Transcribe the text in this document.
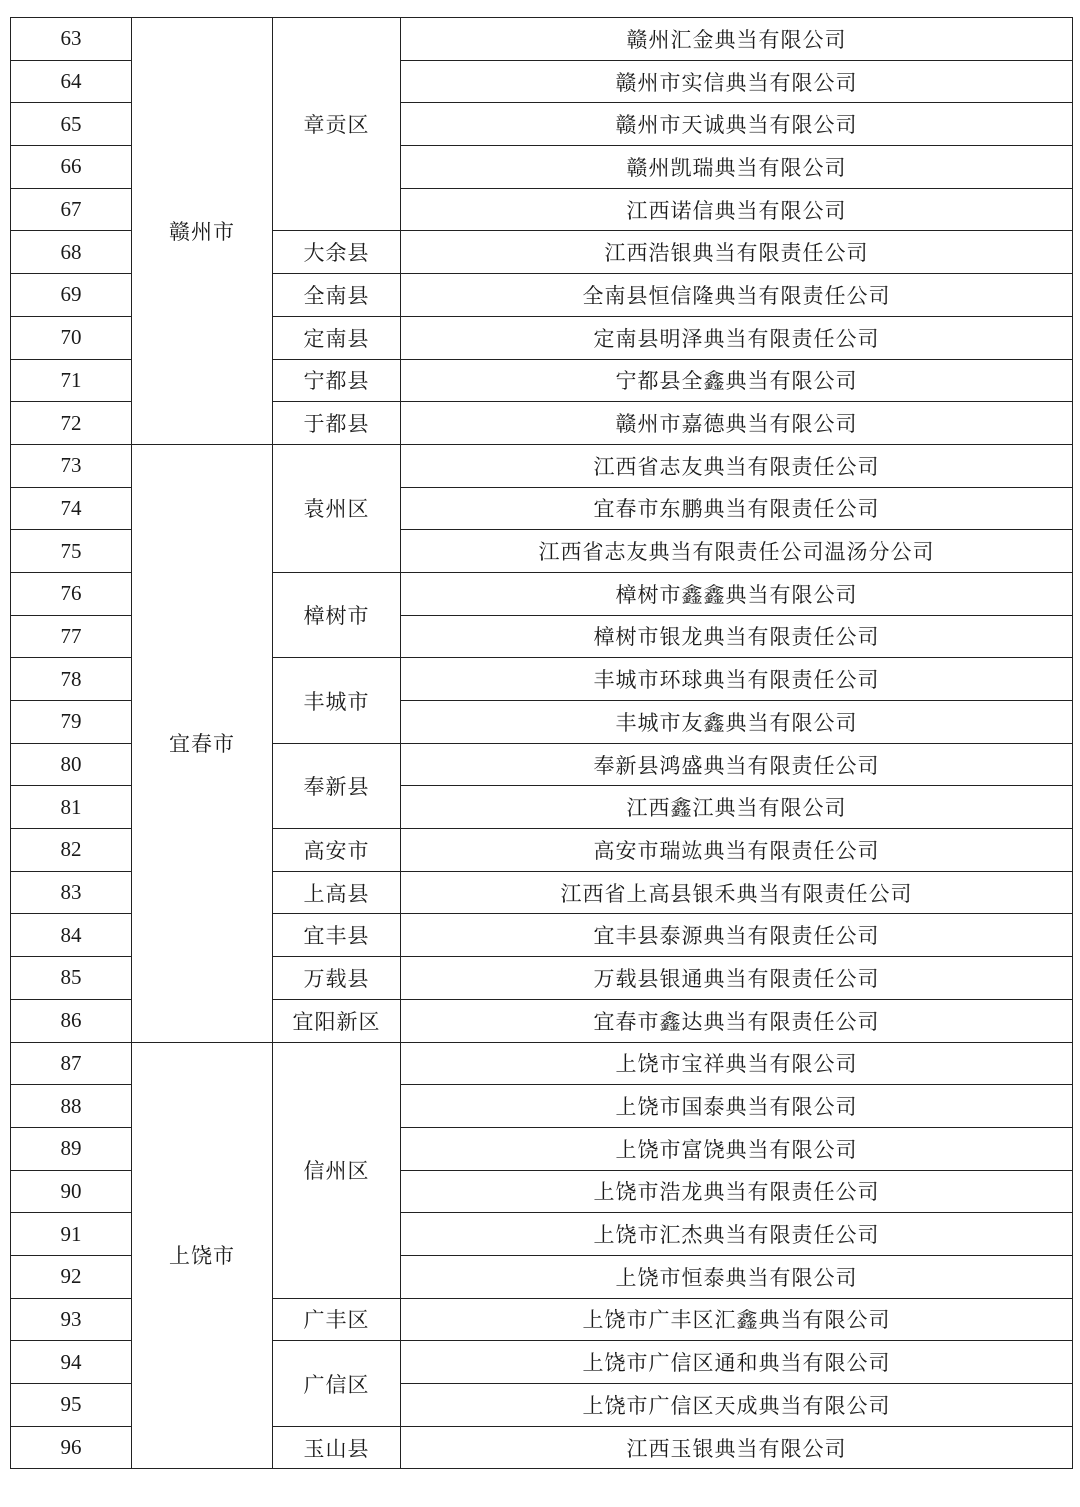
63	赣州市	章贡区	赣州汇金典当有限公司
64			赣州市实信典当有限公司
65			赣州市天诚典当有限公司
66			赣州凯瑞典当有限公司
67			江西诺信典当有限公司
68		大余县	江西浩银典当有限责任公司
69		全南县	全南县恒信隆典当有限责任公司
70		定南县	定南县明泽典当有限责任公司
71		宁都县	宁都县全鑫典当有限公司
72		于都县	赣州市嘉德典当有限公司
73	宜春市	袁州区	江西省志友典当有限责任公司
74			宜春市东鹏典当有限责任公司
75			江西省志友典当有限责任公司温汤分公司
76		樟树市	樟树市鑫鑫典当有限公司
77			樟树市银龙典当有限责任公司
78		丰城市	丰城市环球典当有限责任公司
79			丰城市友鑫典当有限公司
80		奉新县	奉新县鸿盛典当有限责任公司
81			江西鑫江典当有限公司
82		高安市	高安市瑞竑典当有限责任公司
83		上高县	江西省上高县银禾典当有限责任公司
84		宜丰县	宜丰县泰源典当有限责任公司
85		万载县	万载县银通典当有限责任公司
86		宜阳新区	宜春市鑫达典当有限责任公司
87	上饶市	信州区	上饶市宝祥典当有限公司
88			上饶市国泰典当有限公司
89			上饶市富饶典当有限公司
90			上饶市浩龙典当有限责任公司
91			上饶市汇杰典当有限责任公司
92			上饶市恒泰典当有限公司
93		广丰区	上饶市广丰区汇鑫典当有限公司
94		广信区	上饶市广信区通和典当有限公司
95			上饶市广信区天成典当有限公司
96		玉山县	江西玉银典当有限公司
